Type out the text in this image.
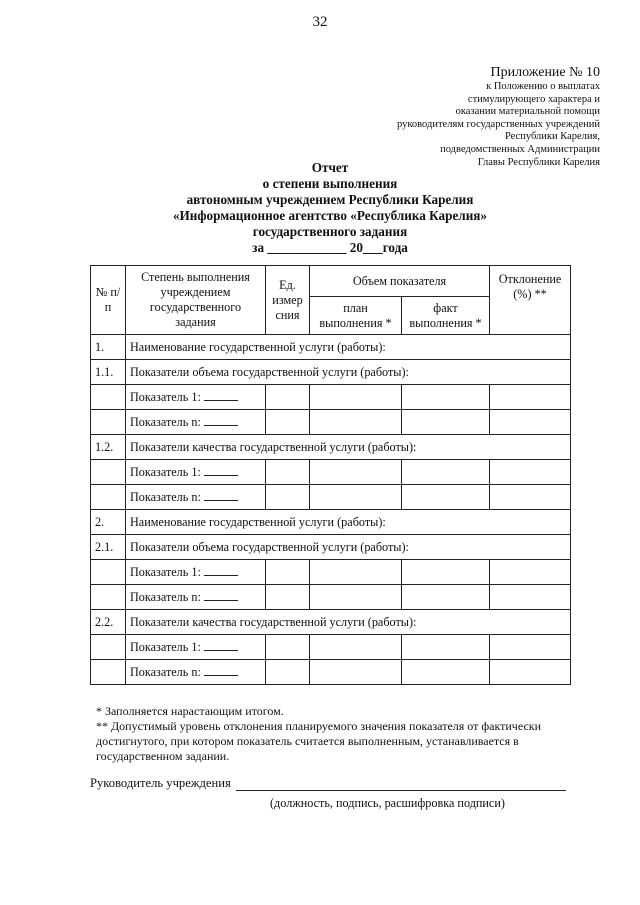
32
Приложение № 10
к Положению о выплатах
стимулирующего характера и
оказании материальной помощи
руководителям государственных учреждений
Республики Карелия,
подведомственных Администрации
Главы Республики Карелия
Отчет
о степени выполнения
автономным учреждением Республики Карелия
«Информационное агентство «Республика Карелия»
государственного задания
за ____________ 20___года
№ п/п	Степень выполнения учреждением государственного задания	Ед. измер сния	Объем показателя		Отклонение (%) **
			план выполнения *	факт выполнения *	
1.	Наименование государственной услуги (работы):				
1.1.	Показатели объема государственной услуги (работы):				
	Показатель 1:				
	Показатель n:				
1.2.	Показатели качества государственной услуги (работы):				
	Показатель 1:				
	Показатель n:				
2.	Наименование государственной услуги (работы):				
2.1.	Показатели объема государственной услуги (работы):				
	Показатель 1:				
	Показатель n:				
2.2.	Показатели качества государственной услуги (работы):				
	Показатель 1:				
	Показатель n:				
* Заполняется нарастающим итогом.
** Допустимый уровень отклонения планируемого значения показателя от фактически достигнутого, при котором показатель считается выполненным, устанавливается в государственном задании.
Руководитель учреждения
(должность, подпись, расшифровка подписи)
